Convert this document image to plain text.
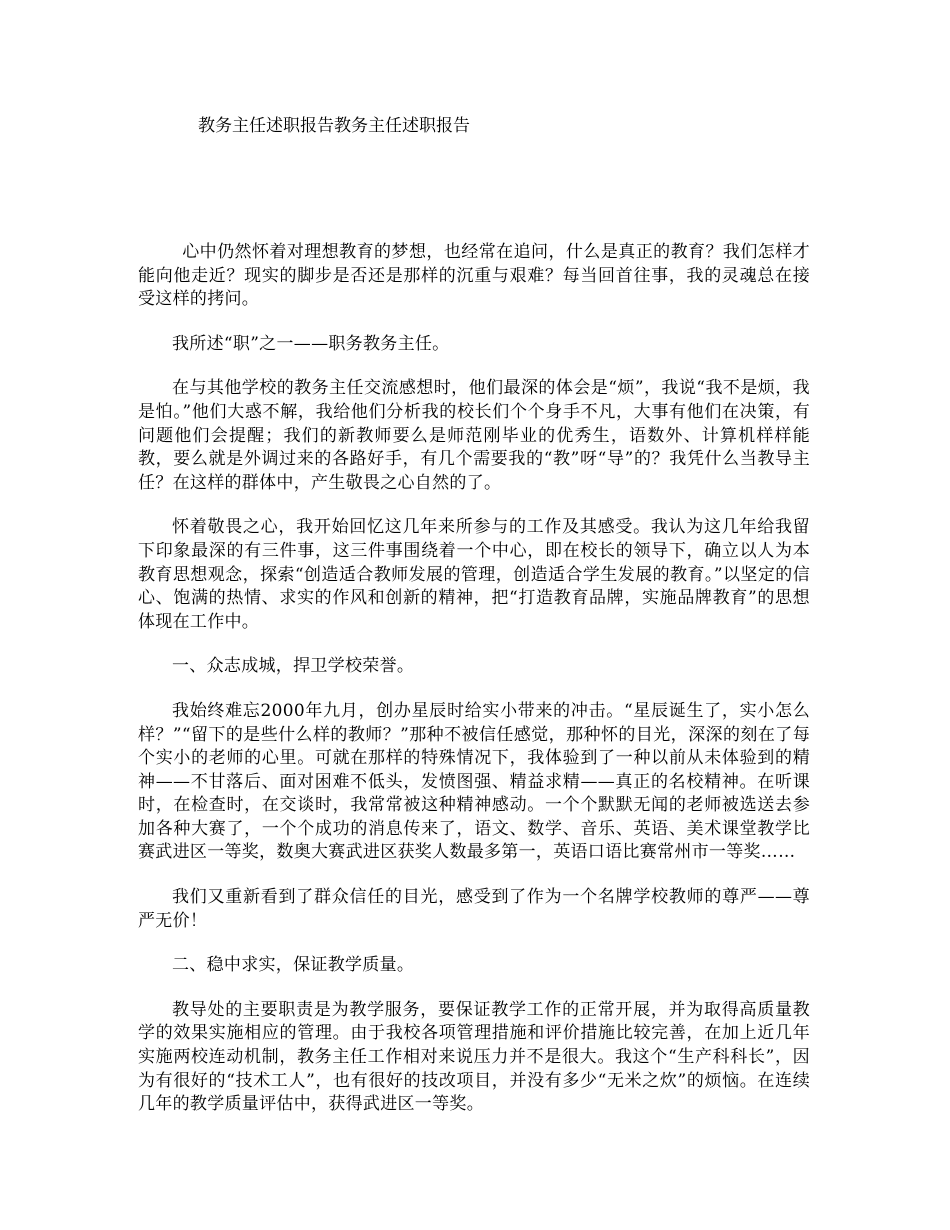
教务主任述职报告教务主任述职报告

心中仍然怀着对理想教育的梦想，也经常在追问，什么是真正的教育？我们怎样才能向他走近？现实的脚步是否还是那样的沉重与艰难？每当回首往事，我的灵魂总在接受这样的拷问。

我所述“职”之一——职务教务主任。

在与其他学校的教务主任交流感想时，他们最深的体会是“烦”，我说“我不是烦，我是怕。”他们大惑不解，我给他们分析我的校长们个个身手不凡，大事有他们在决策，有问题他们会提醒；我们的新教师要么是师范刚毕业的优秀生，语数外、计算机样样能教，要么就是外调过来的各路好手，有几个需要我的“教”呀“导”的？我凭什么当教导主任？在这样的群体中，产生敬畏之心自然的了。

怀着敬畏之心，我开始回忆这几年来所参与的工作及其感受。我认为这几年给我留下印象最深的有三件事，这三件事围绕着一个中心，即在校长的领导下，确立以人为本教育思想观念，探索“创造适合教师发展的管理，创造适合学生发展的教育。”以坚定的信心、饱满的热情、求实的作风和创新的精神，把“打造教育品牌，实施品牌教育”的思想体现在工作中。

一、众志成城，捍卫学校荣誉。

我始终难忘2000年九月，创办星辰时给实小带来的冲击。“星辰诞生了，实小怎么样？”“留下的是些什么样的教师？”那种不被信任感觉，那种怀的目光，深深的刻在了每个实小的老师的心里。可就在那样的特殊情况下，我体验到了一种以前从未体验到的精神——不甘落后、面对困难不低头，发愤图强、精益求精——真正的名校精神。在听课时，在检查时，在交谈时，我常常被这种精神感动。一个个默默无闻的老师被选送去参加各种大赛了，一个个成功的消息传来了，语文、数学、音乐、英语、美术课堂教学比赛武进区一等奖，数奥大赛武进区获奖人数最多第一，英语口语比赛常州市一等奖……

我们又重新看到了群众信任的目光，感受到了作为一个名牌学校教师的尊严——尊严无价！

二、稳中求实，保证教学质量。

教导处的主要职责是为教学服务，要保证教学工作的正常开展，并为取得高质量教学的效果实施相应的管理。由于我校各项管理措施和评价措施比较完善，在加上近几年实施两校连动机制，教务主任工作相对来说压力并不是很大。我这个“生产科科长”，因为有很好的“技术工人”，也有很好的技改项目，并没有多少“无米之炊”的烦恼。在连续几年的教学质量评估中，获得武进区一等奖。
